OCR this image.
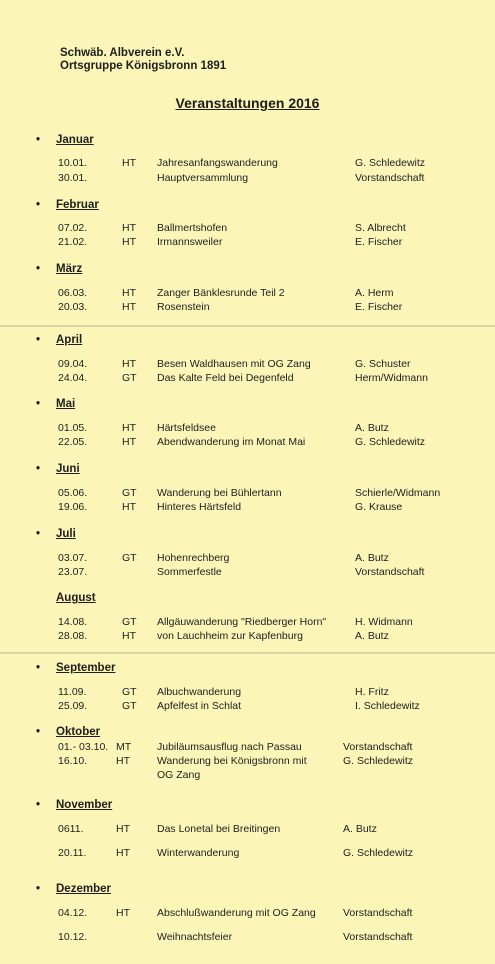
Schwäb. Albverein e.V.
Ortsgruppe Königsbronn 1891
Veranstaltungen 2016
• Januar
10.01.	HT Jahresanfangswanderung	G. Schledewitz
30.01.	Hauptversammlung	Vorstandschaft
• Februar
07.02.	HT Ballmertshofen	S. Albrecht
21.02.	HT Irmannsweiler	E. Fischer
• März
06.03.	HT Zanger Bänklesrunde Teil 2	A. Herm
20.03.	HT Rosenstein	E. Fischer
• April
09.04.	HT Besen Waldhausen mit OG Zang	G. Schuster
24.04.	GT Das Kalte Feld bei Degenfeld	Herm/Widmann
• Mai
01.05.	HT Härtsfeldsee	A. Butz
22.05.	HT Abendwanderung im Monat Mai	G. Schledewitz
• Juni
05.06.	GT Wanderung bei Bühlertann	Schierle/Widmann
19.06.	HT Hinteres Härtsfeld	G. Krause
• Juli
03.07.	GT Hohenrechberg	A. Butz
23.07.	Sommerfestle	Vorstandschaft
August
14.08.	GT Allgäuwanderung "Riedberger Horn"	H. Widmann
28.08.	HT von Lauchheim zur Kapfenburg	A. Butz
• September
11.09.	GT Albuchwanderung	H. Fritz
25.09.	GT Apfelfest in Schlat	I. Schledewitz
• Oktober
01.- 03.10. MT Jubiläumsausflug nach Passau	Vorstandschaft
16.10.	HT	Wanderung bei Königsbronn mit	G. Schledewitz
OG Zang
• November
0611.	HT	Das Lonetal bei Breitingen	A. Butz
20.11.	HT	Winterwanderung	G. Schledewitz
• Dezember
04.12.	HT	Abschlußwanderung mit OG Zang	Vorstandschaft
10.12.	Weihnachtsfeier	Vorstandschaft
